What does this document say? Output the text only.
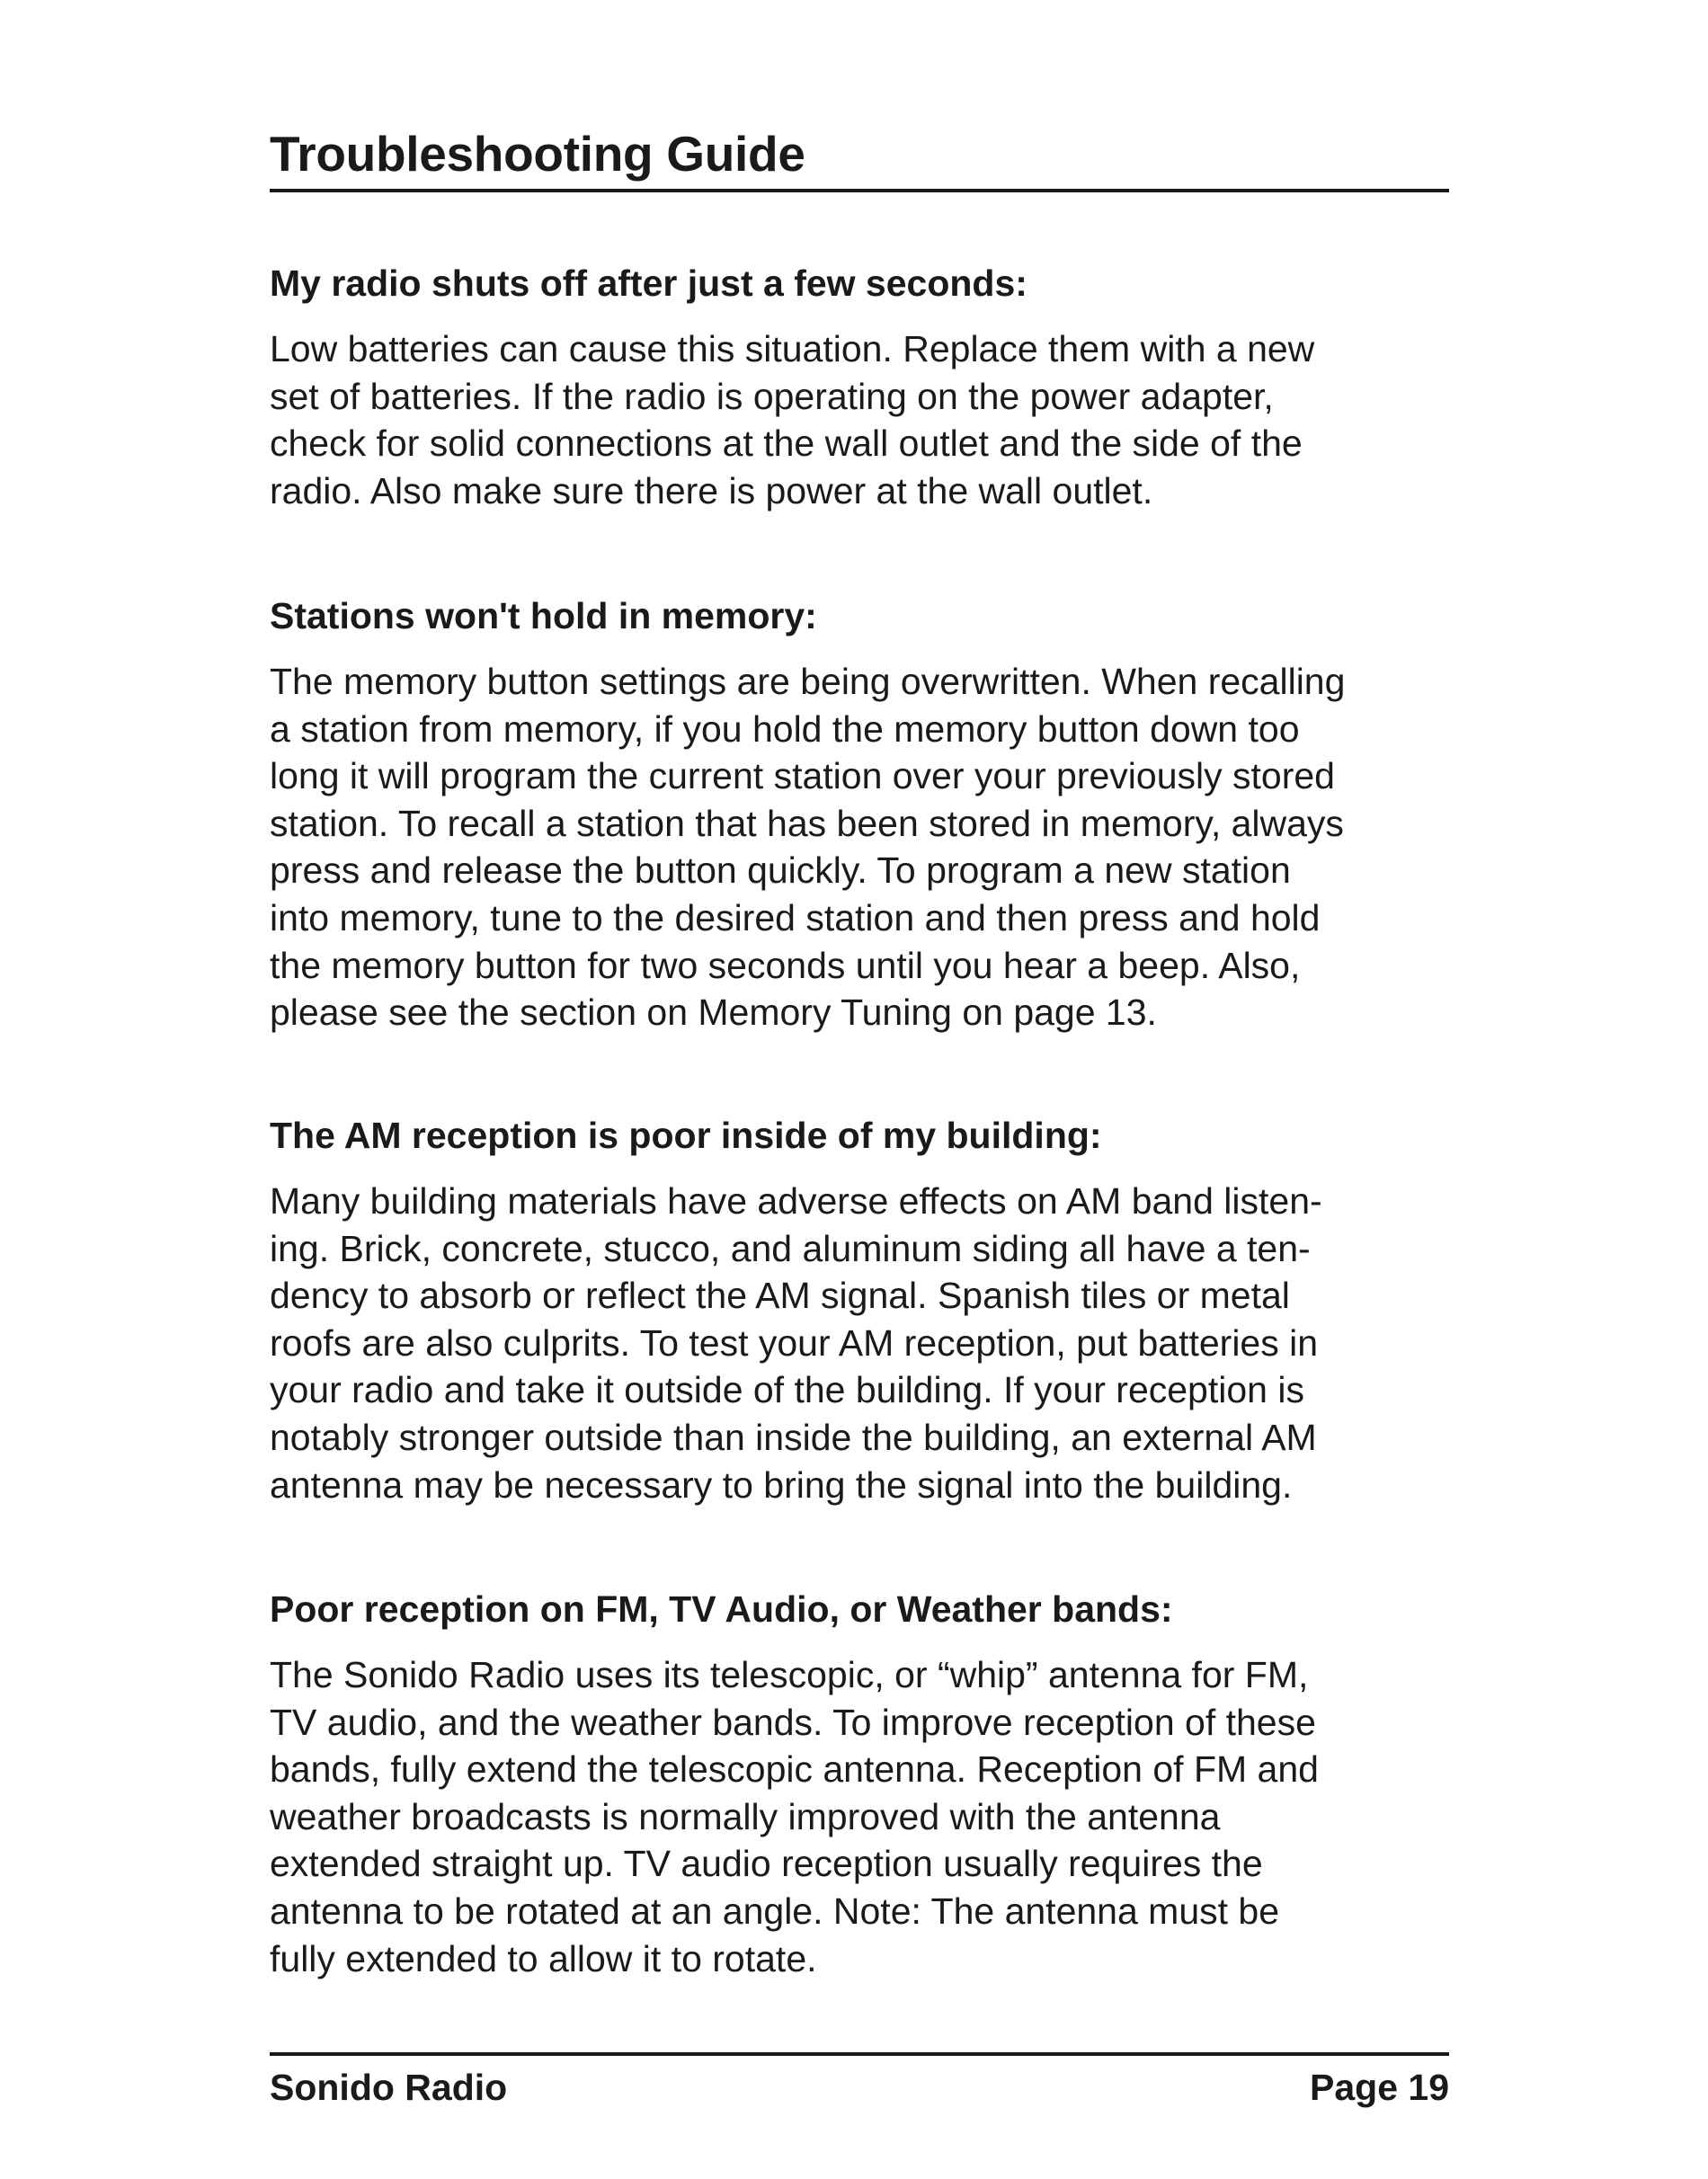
Troubleshooting Guide
My radio shuts off after just a few seconds:

Low batteries can cause this situation. Replace them with a new
set of batteries. If the radio is operating on the power adapter,
check for solid connections at the wall outlet and the side of the
radio. Also make sure there is power at the wall outlet.

Stations won't hold in memory:

The memory button settings are being overwritten. When recalling
a station from memory, if you hold the memory button down too
long it will program the current station over your previously stored
station. To recall a station that has been stored in memory, always
press and release the button quickly. To program a new station
into memory, tune to the desired station and then press and hold
the memory button for two seconds until you hear a beep. Also,
please see the section on Memory Tuning on page 13.

The AM reception is poor inside of my building:

Many building materials have adverse effects on AM band listen-
ing. Brick, concrete, stucco, and aluminum siding all have a ten-
dency to absorb or reflect the AM signal. Spanish tiles or metal
roofs are also culprits. To test your AM reception, put batteries in
your radio and take it outside of the building. If your reception is
notably stronger outside than inside the building, an external AM
antenna may be necessary to bring the signal into the building.

Poor reception on FM, TV Audio, or Weather bands:

The Sonido Radio uses its telescopic, or “whip” antenna for FM,
TV audio, and the weather bands. To improve reception of these
bands, fully extend the telescopic antenna. Reception of FM and
weather broadcasts is normally improved with the antenna
extended straight up. TV audio reception usually requires the
antenna to be rotated at an angle. Note: The antenna must be
fully extended to allow it to rotate.

Sonido Radio	Page 19
